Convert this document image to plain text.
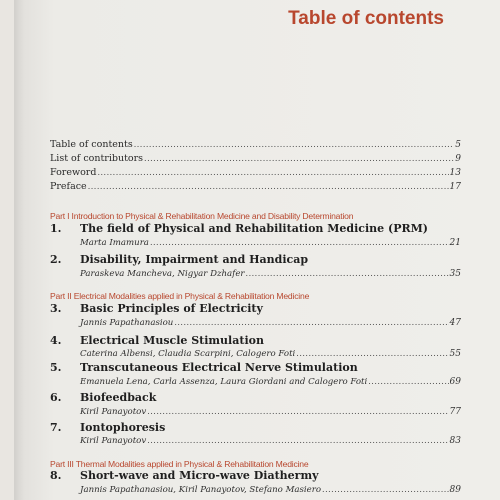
Table of contents
Table of contents .....	5
List of contributors .....	9
Foreword .....	13
Preface .....	17
Part I Introduction to Physical & Rehabilitation Medicine and Disability Determination
1.	The field of Physical and Rehabilitation Medicine (PRM)
Marta Imamura .....	21
2.	Disability, Impairment and Handicap
Paraskeva Mancheva, Nigyar Dzhafer .....	35
Part II Electrical Modalities applied in Physical & Rehabilitation Medicine
3.	Basic Principles of Electricity
Jannis Papathanasiou .....	47
4.	Electrical Muscle Stimulation
Caterina Albensi, Claudia Scarpini, Calogero Foti .....	55
5.	Transcutaneous Electrical Nerve Stimulation
Emanuela Lena, Carla Assenza, Laura Giordani and Calogero Foti .....	69
6.	Biofeedback
Kiril Panayotov .....	77
7.	Iontophoresis
Kiril Panayotov .....	83
Part III Thermal Modalities applied in Physical & Rehabilitation Medicine
8.	Short-wave and Micro-wave Diathermy
Jannis Papathanasiou, Kiril Panayotov, Stefano Masiero .....	89
